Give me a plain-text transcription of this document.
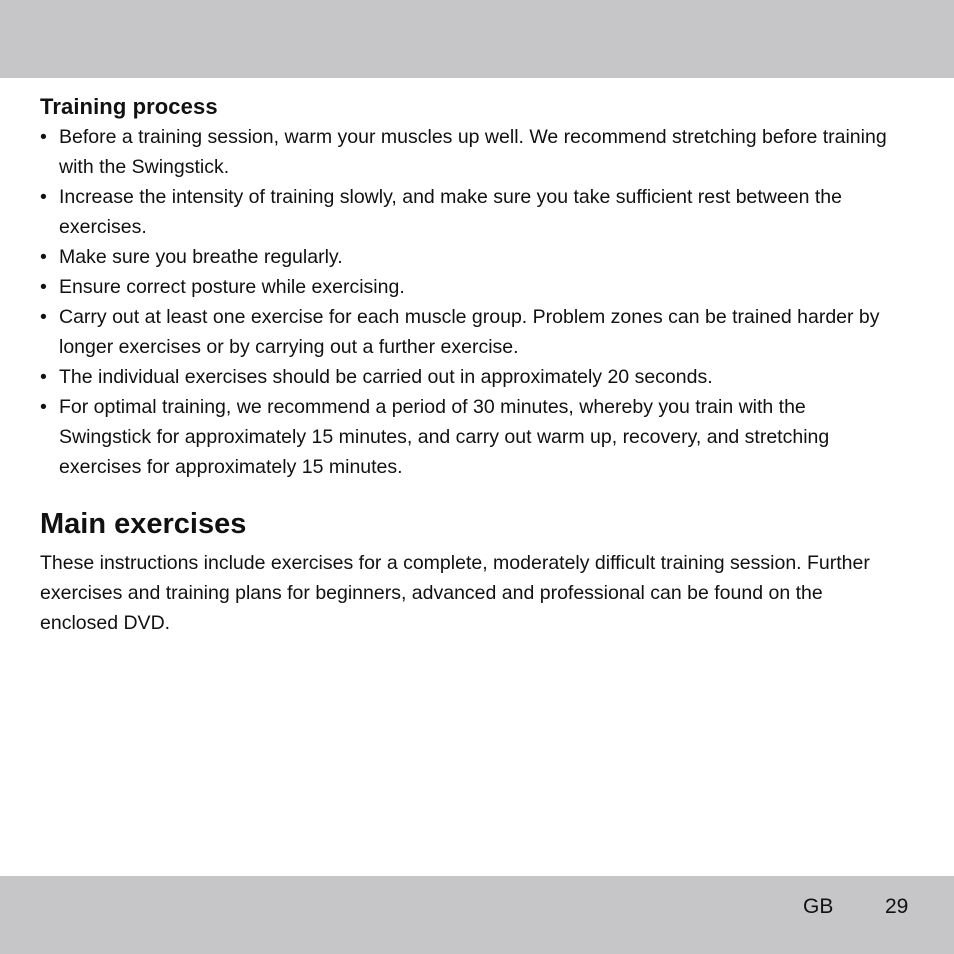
Training process
• Before a training session, warm your muscles up well. We recommend stretching before training with the Swingstick.
• Increase the intensity of training slowly, and make sure you take sufficient rest between the exercises.
• Make sure you breathe regularly.
• Ensure correct posture while exercising.
• Carry out at least one exercise for each muscle group. Problem zones can be trained harder by longer exercises or by carrying out a further exercise.
• The individual exercises should be carried out in approximately 20 seconds.
• For optimal training, we recommend a period of 30 minutes, whereby you train with the Swingstick for approximately 15 minutes, and carry out warm up, recovery, and stretching exercises for approximately 15 minutes.
Main exercises

These instructions include exercises for a complete, moderately difficult training session. Further exercises and training plans for beginners, advanced and professional can be found on the enclosed DVD.

GB 29
